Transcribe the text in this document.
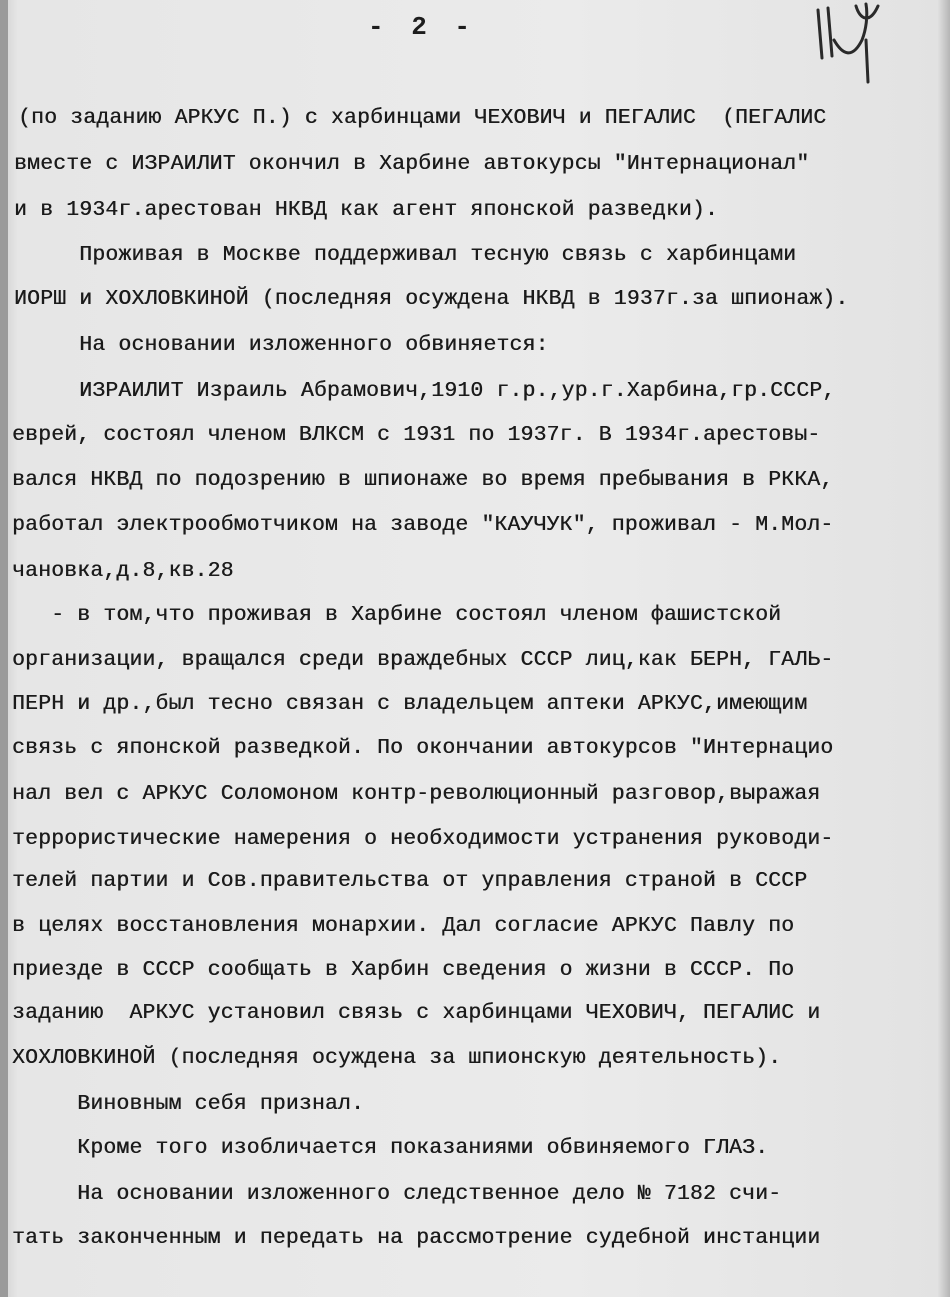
- 2 -
(по заданию АРКУС П.) с харбинцами ЧЕХОВИЧ и ПЕГАЛИС  (ПЕГАЛИС
вместе с ИЗРАИЛИТ окончил в Харбине автокурсы "Интернационал"
и в 1934г.арестован НКВД как агент японской разведки).
Проживая в Москве поддерживал тесную связь с харбинцами
ИОРШ и ХОХЛОВКИНОЙ (последняя осуждена НКВД в 1937г.за шпионаж).
На основании изложенного обвиняется:
ИЗРАИЛИТ Израиль Абрамович,1910 г.р.,ур.г.Харбина,гр.СССР,
еврей, состоял членом ВЛКСМ с 1931 по 1937г. В 1934г.арестовы-
вался НКВД по подозрению в шпионаже во время пребывания в РККА,
работал электрообмотчиком на заводе "КАУЧУК", проживал - М.Мол-
чановка,д.8,кв.28
- в том,что проживая в Харбине состоял членом фашистской
организации, вращался среди враждебных СССР лиц,как БЕРН, ГАЛЬ-
ПЕРН и др.,был тесно связан с владельцем аптеки АРКУС,имеющим
связь с японской разведкой. По окончании автокурсов "Интернацио
нал вел с АРКУС Соломоном контр-революционный разговор,выражая
террористические намерения о необходимости устранения руководи-
телей партии и Сов.правительства от управления страной в СССР
в целях восстановления монархии. Дал согласие АРКУС Павлу по
приезде в СССР сообщать в Харбин сведения о жизни в СССР. По
заданию  АРКУС установил связь с харбинцами ЧЕХОВИЧ, ПЕГАЛИС и
ХОХЛОВКИНОЙ (последняя осуждена за шпионскую деятельность).
Виновным себя признал.
Кроме того изобличается показаниями обвиняемого ГЛАЗ.
На основании изложенного следственное дело № 7182 счи-
тать законченным и передать на рассмотрение судебной инстанции
